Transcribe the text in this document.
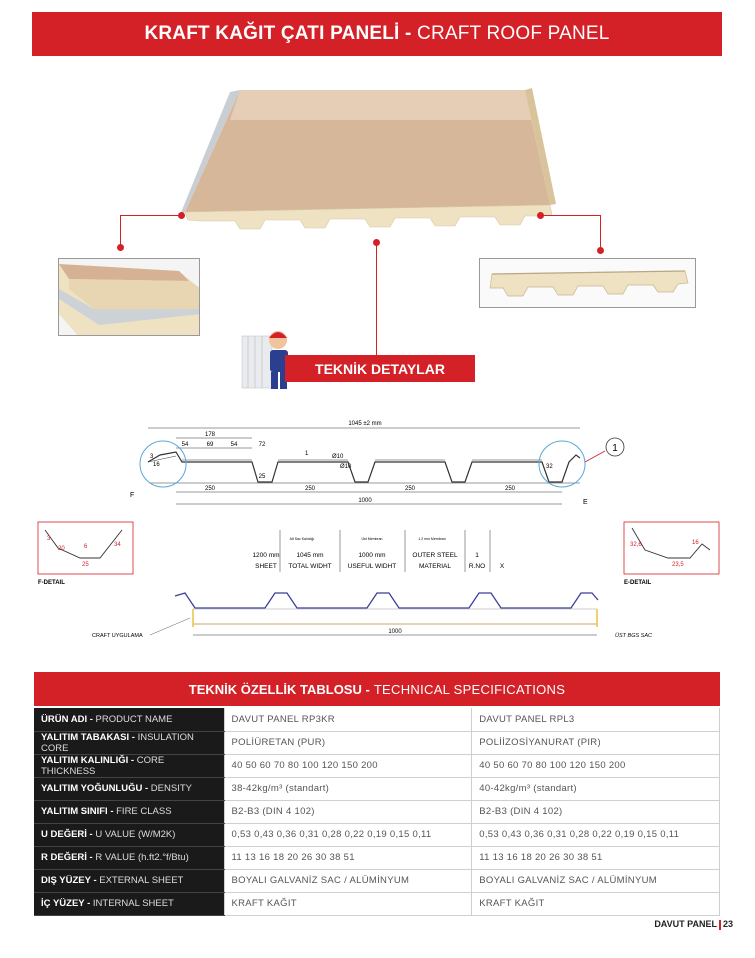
KRAFT KAĞIT ÇATI PANELİ -
CRAFT ROOF PANEL
TEKNİK DETAYLAR
1045 ±2 mm
178
54	69	54	72
25
1	Ø10
Ø10	32
3
16
250	250	250	250
1000
F
E
1
3
20	6
25
34
F-DETAIL
32,6	16
23,5
E-DETAIL
Alt Sac Kalınlığı	Üst Membran	1,2 mm Membran
1200 mm
SHEET
1045 mm
TOTAL WIDHT
1000 mm
USEFUL WIDHT
OUTER STEEL
MATERIAL
1
R.NO X
1000
CRAFT UYGULAMA	ÜST BGS SAC
TEKNİK ÖZELLİK TABLOSU - TECHNICAL SPECIFICATIONS
ÜRÜN ADI - PRODUCT NAME	DAVUT PANEL RP3KR	DAVUT PANEL RPL3
YALITIM TABAKASI - INSULATION CORE	POLİÜRETAN (PUR)	POLİİZOSİYANURAT (PIR)
YALITIM KALINLIĞI - CORE THICKNESS	40 50 60 70 80 100 120 150 200	40 50 60 70 80 100 120 150 200
YALITIM YOĞUNLUĞU - DENSITY	38-42kg/m³ (standart)	40-42kg/m³ (standart)
YALITIM SINIFI - FIRE CLASS	B2-B3 (DIN 4 102)	B2-B3 (DIN 4 102)
U DEĞERİ - U VALUE (W/M2K)	0,53 0,43 0,36 0,31 0,28 0,22 0,19 0,15 0,11	0,53 0,43 0,36 0,31 0,28 0,22 0,19 0,15 0,11
R DEĞERİ - R VALUE (h.ft2.°f/Btu)	11 13 16 18 20 26 30 38 51	11 13 16 18 20 26 30 38 51
DIŞ YÜZEY - EXTERNAL SHEET	BOYALI GALVANİZ SAC / ALÜMİNYUM	BOYALI GALVANİZ SAC / ALÜMİNYUM
İÇ YÜZEY - INTERNAL SHEET	KRAFT KAĞIT	KRAFT KAĞIT
DAVUT PANEL 23
